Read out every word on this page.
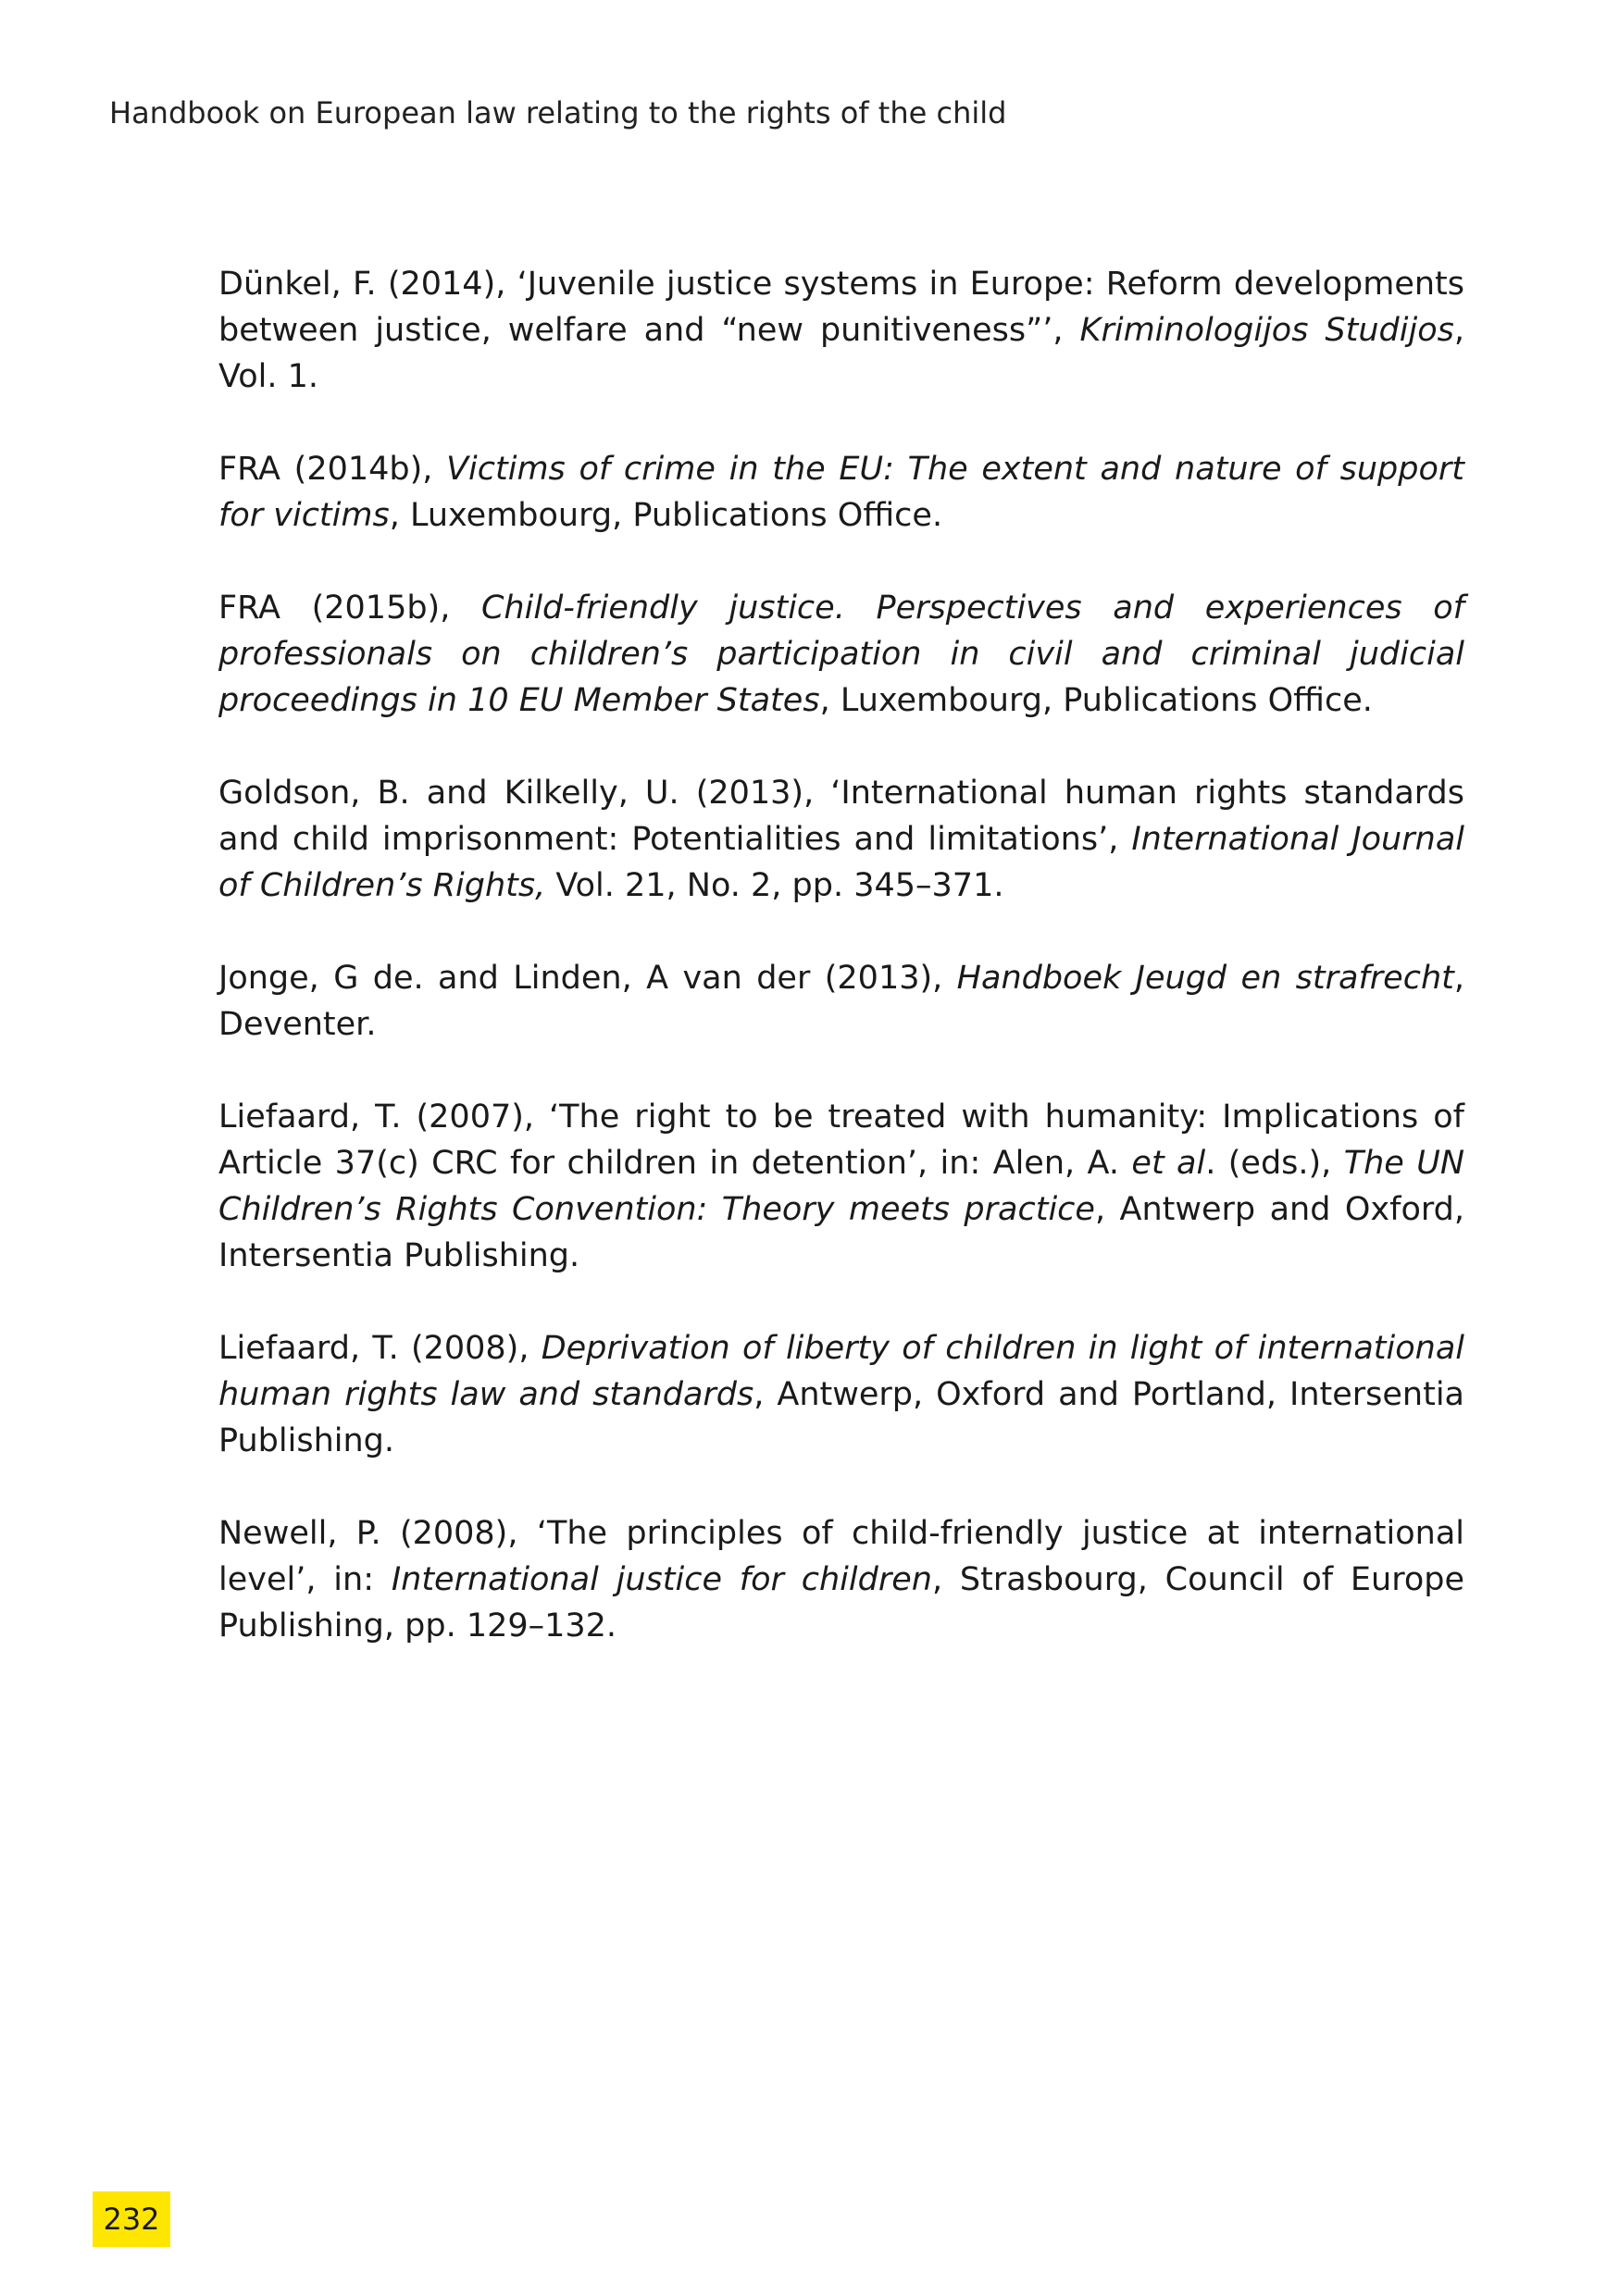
Handbook on European law relating to the rights of the child

Dünkel, F. (2014), ‘Juvenile justice systems in Europe: Reform developments between justice, welfare and “new punitiveness”’, Kriminologijos Studijos, Vol. 1.

FRA (2014b), Victims of crime in the EU: The extent and nature of support for victims, Luxembourg, Publications Office.

FRA (2015b), Child-friendly justice. Perspectives and experiences of professionals on children’s participation in civil and criminal judicial proceedings in 10 EU Member States, Luxembourg, Publications Office.

Goldson, B. and Kilkelly, U. (2013), ‘International human rights standards and child imprisonment: Potentialities and limitations’, International Journal of Children’s Rights, Vol. 21, No. 2, pp. 345–371.

Jonge, G de. and Linden, A van der (2013), Handboek Jeugd en strafrecht, Deventer.

Liefaard, T. (2007), ‘The right to be treated with humanity: Implications of Article 37(c) CRC for children in detention’, in: Alen, A. et al. (eds.), The UN Children’s Rights Convention: Theory meets practice, Antwerp and Oxford, Intersentia Publishing.

Liefaard, T. (2008), Deprivation of liberty of children in light of international human rights law and standards, Antwerp, Oxford and Portland, Intersentia Publishing.

Newell, P. (2008), ‘The principles of child-friendly justice at international level’, in: International justice for children, Strasbourg, Council of Europe Publishing, pp. 129–132.

232
